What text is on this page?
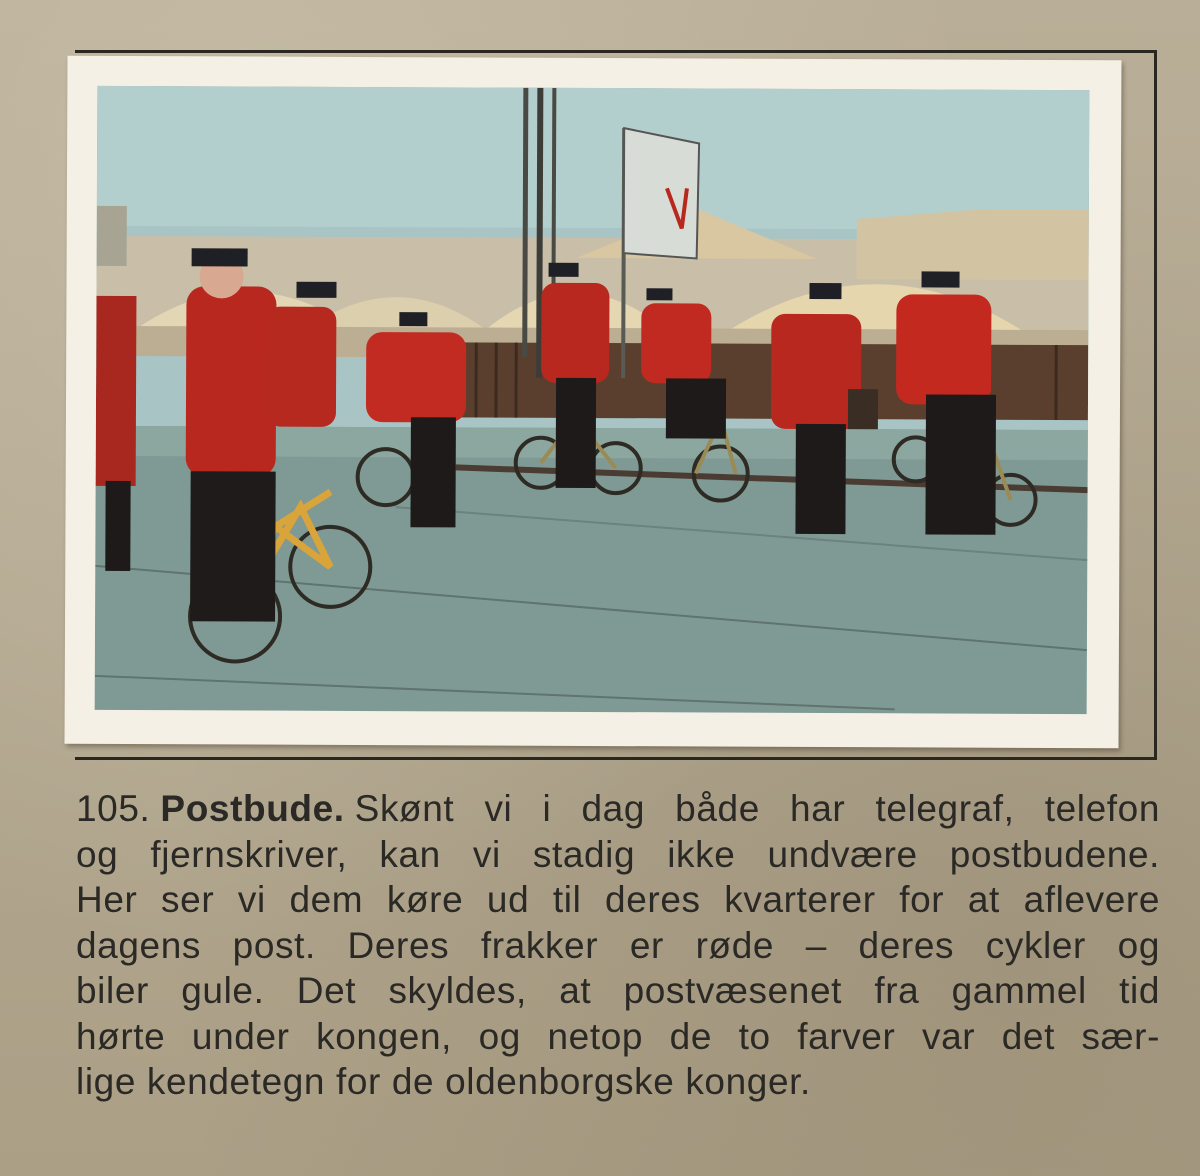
105. Postbude. Skønt vi i dag både har telegraf, telefon
og fjernskriver, kan vi stadig ikke undvære postbudene.
Her ser vi dem køre ud til deres kvarterer for at aflevere
dagens post. Deres frakker er røde – deres cykler og
biler gule. Det skyldes, at postvæsenet fra gammel tid
hørte under kongen, og netop de to farver var det sær-
lige kendetegn for de oldenborgske konger.
